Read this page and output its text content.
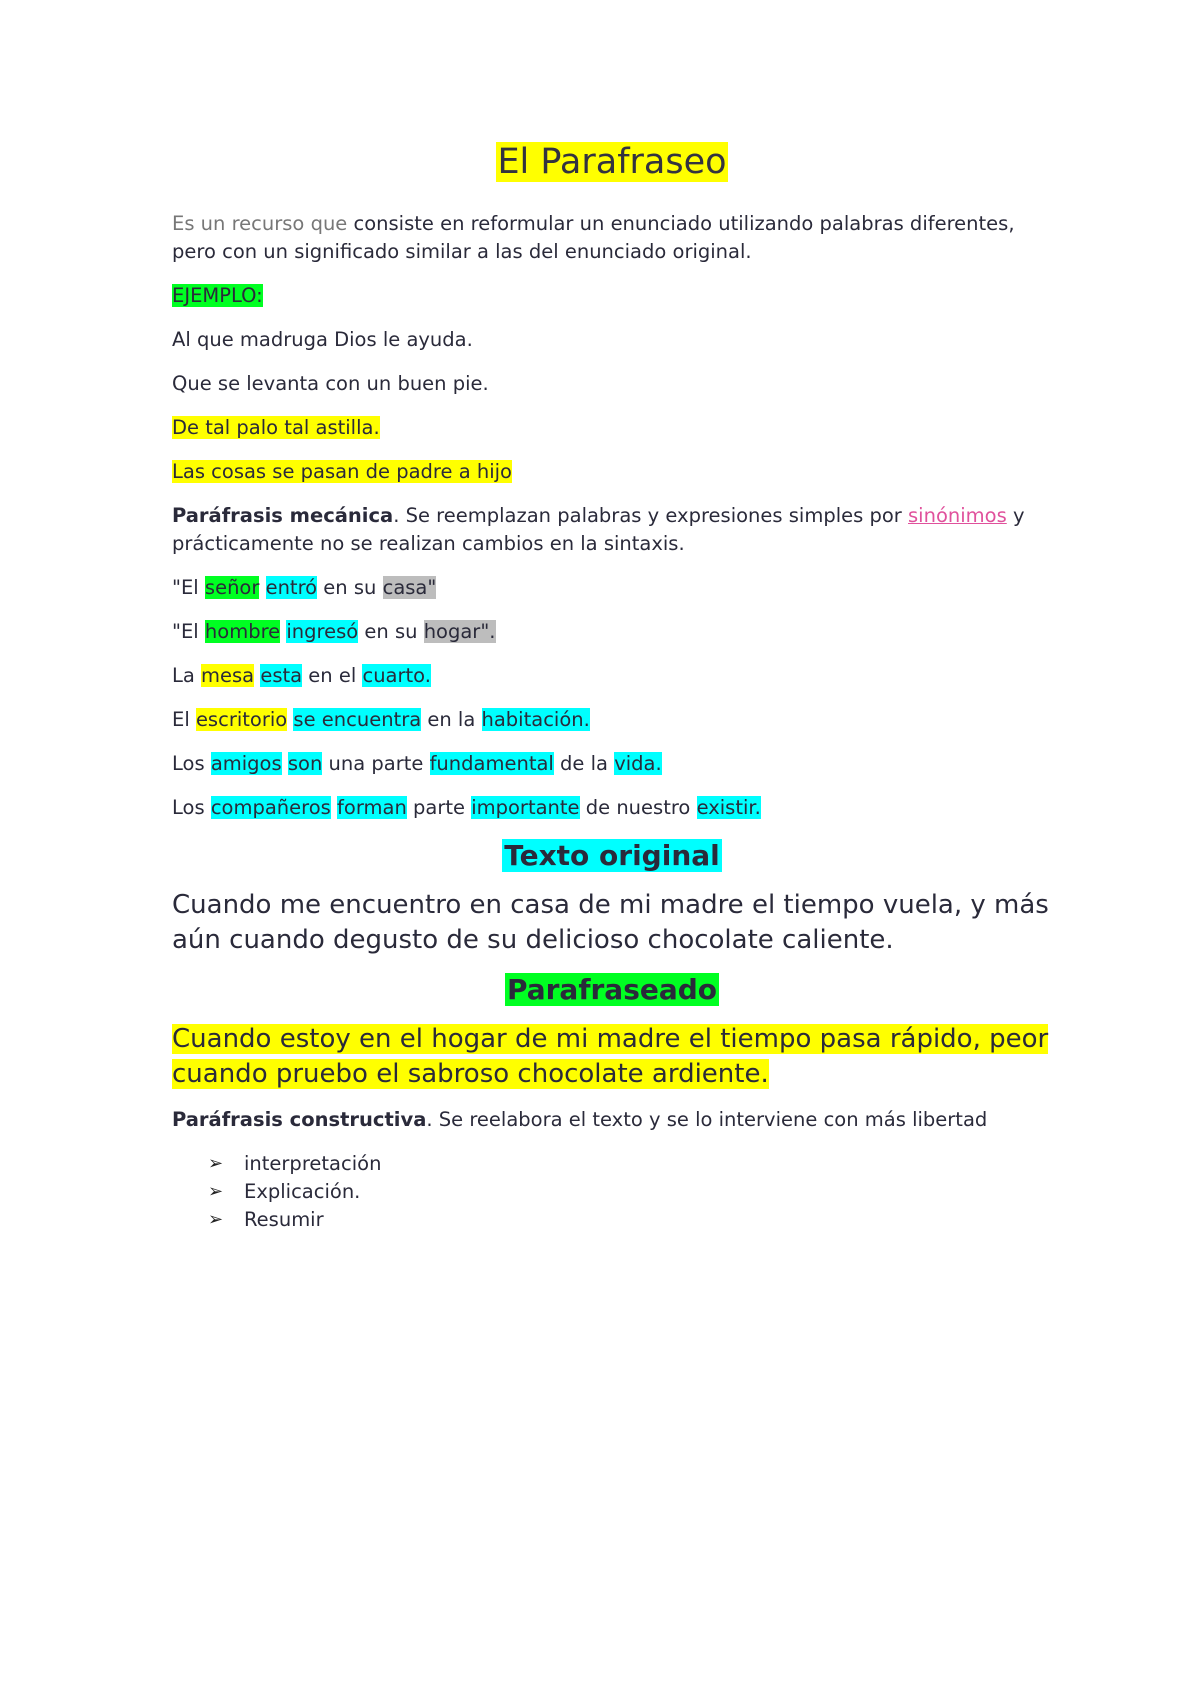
El Parafraseo

Es un recurso que consiste en reformular un enunciado utilizando palabras diferentes, pero con un significado similar a las del enunciado original.

EJEMPLO:

Al que madruga Dios le ayuda.

Que se levanta con un buen pie.

De tal palo tal astilla.

Las cosas se pasan de padre a hijo

Paráfrasis mecánica. Se reemplazan palabras y expresiones simples por sinónimos y prácticamente no se realizan cambios en la sintaxis.

"El señor entró en su casa"

"El hombre ingresó en su hogar".

La mesa esta en el cuarto.

El escritorio se encuentra en la habitación.

Los amigos son una parte fundamental de la vida.

Los compañeros forman parte importante de nuestro existir.

Texto original

Cuando me encuentro en casa de mi madre el tiempo vuela, y más aún cuando degusto de su delicioso chocolate caliente.

Parafraseado

Cuando estoy en el hogar de mi madre el tiempo pasa rápido, peor cuando pruebo el sabroso chocolate ardiente.

Paráfrasis constructiva. Se reelabora el texto y se lo interviene con más libertad

➢	interpretación
➢	Explicación.
➢	Resumir
